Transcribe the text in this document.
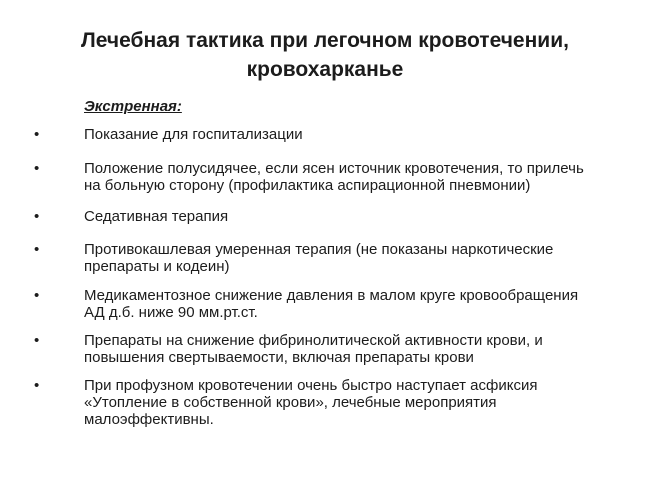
Лечебная тактика при легочном кровотечении,
кровохарканье
Экстренная:
•	Показание для госпитализации
•	Положение полусидячее, если ясен источник кровотечения, то прилечь
на больную сторону (профилактика аспирационной пневмонии)
•	Седативная терапия
•	Противокашлевая умеренная терапия (не показаны наркотические
препараты и кодеин)
•	Медикаментозное снижение давления в малом круге кровообращения
АД д.б. ниже 90 мм.рт.ст.
•	Препараты на снижение фибринолитической активности крови, и
повышения свертываемости, включая препараты крови
•	При профузном кровотечении очень быстро наступает асфиксия
«Утопление в собственной крови», лечебные мероприятия
малоэффективны.
